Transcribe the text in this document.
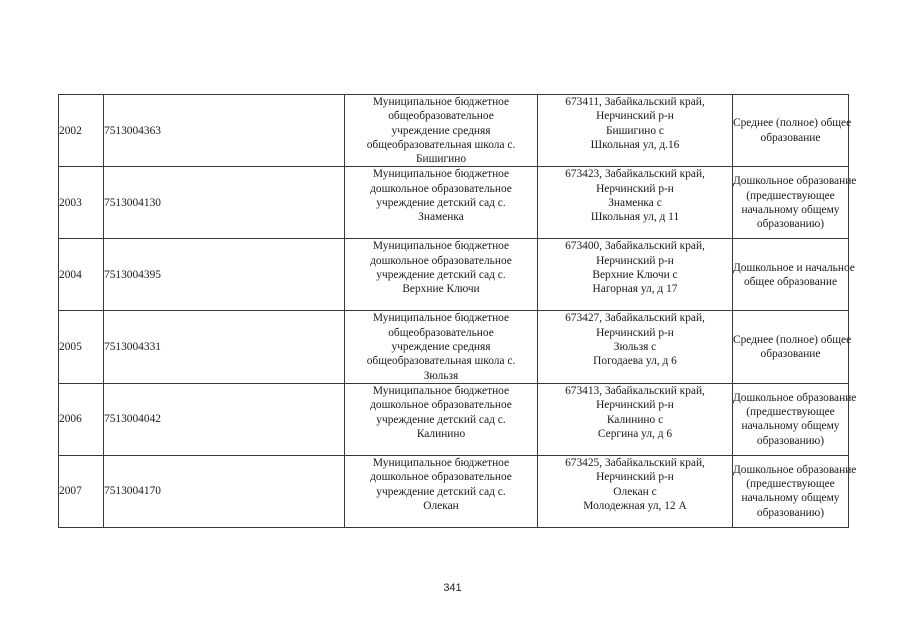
2002	7513004363	Муниципальное бюджетное
общеобразовательное
учреждение средняя
общеобразовательная школа с.
Бишигино	673411, Забайкальский край,
Нерчинский р-н
Бишигино с
Школьная ул, д.16	Среднее (полное) общее
образование

2003	7513004130	Муниципальное бюджетное
дошкольное образовательное
учреждение детский сад с.
Знаменка	673423, Забайкальский край,
Нерчинский р-н
Знаменка с
Школьная ул, д 11	Дошкольное образование
(предшествующее
начальному общему
образованию)

2004	7513004395	Муниципальное бюджетное
дошкольное образовательное
учреждение детский сад с.
Верхние Ключи	673400, Забайкальский край,
Нерчинский р-н
Верхние Ключи с
Нагорная ул, д 17	Дошкольное и начальное
общее образование

2005	7513004331	Муниципальное бюджетное
общеобразовательное
учреждение средняя
общеобразовательная школа с.
Зюльзя	673427, Забайкальский край,
Нерчинский р-н
Зюльзя с
Погодаева ул, д 6	Среднее (полное) общее
образование

2006	7513004042	Муниципальное бюджетное
дошкольное образовательное
учреждение детский сад с.
Калинино	673413, Забайкальский край,
Нерчинский р-н
Калинино с
Сергина ул, д 6	Дошкольное образование
(предшествующее
начальному общему
образованию)

2007	7513004170	Муниципальное бюджетное
дошкольное образовательное
учреждение детский сад с.
Олекан	673425, Забайкальский край,
Нерчинский р-н
Олекан с
Молодежная ул, 12 А	Дошкольное образование
(предшествующее
начальному общему
образованию)
341
